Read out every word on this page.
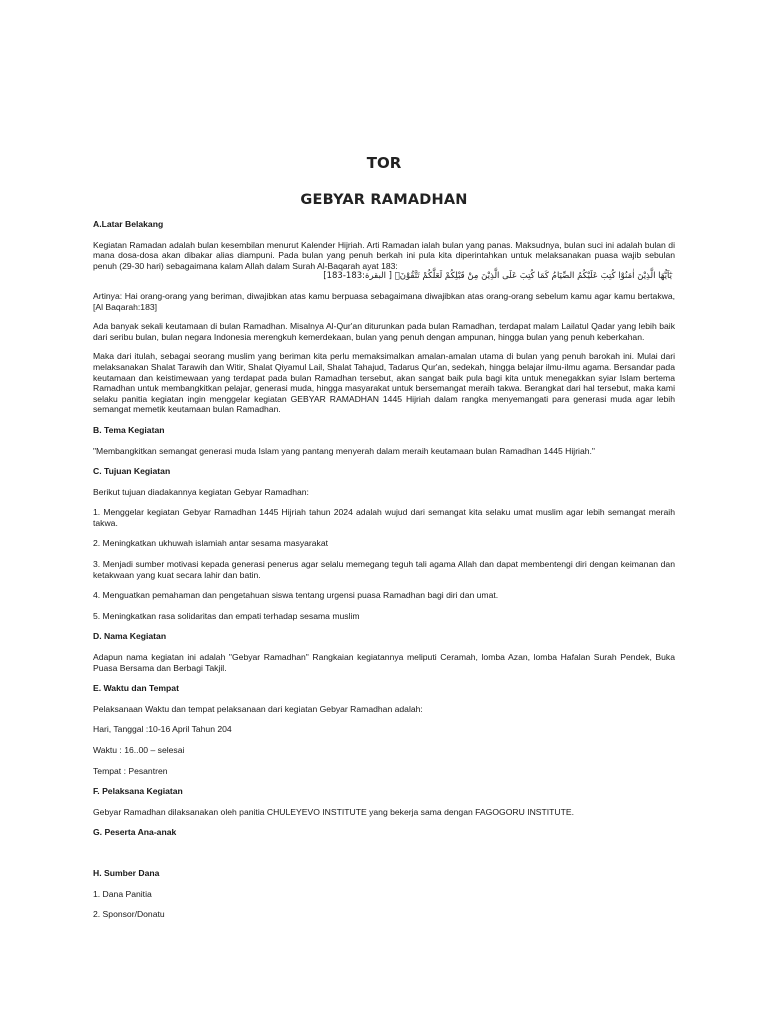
TOR
GEBYAR RAMADHAN

A.Latar Belakang

Kegiatan Ramadan adalah bulan kesembilan menurut Kalender Hijriah. Arti Ramadan ialah bulan yang panas. Maksudnya, bulan suci ini adalah bulan di mana dosa-dosa akan dibakar alias diampuni. Pada bulan yang penuh berkah ini pula kita diperintahkan untuk melaksanakan puasa wajib sebulan penuh (29-30 hari) sebagaimana kalam Allah dalam Surah Al-Baqarah ayat 183:

يٰٓاَيُّهَا الَّذِيْنَ اٰمَنُوْا كُتِبَ عَلَيْكُمُ الصِّيَامُ كَمَا كُتِبَ عَلَى الَّذِيْنَ مِنْ قَبْلِكُمْ لَعَلَّكُمْ تَتَّقُوْنَۙ [ البقرة:183-183]

Artinya: Hai orang-orang yang beriman, diwajibkan atas kamu berpuasa sebagaimana diwajibkan atas orang-orang sebelum kamu agar kamu bertakwa, [Al Baqarah:183]

Ada banyak sekali keutamaan di bulan Ramadhan. Misalnya Al-Qur'an diturunkan pada bulan Ramadhan, terdapat malam Lailatul Qadar yang lebih baik dari seribu bulan, bulan negara Indonesia merengkuh kemerdekaan, bulan yang penuh dengan ampunan, hingga bulan yang penuh keberkahan.

Maka dari itulah, sebagai seorang muslim yang beriman kita perlu memaksimalkan amalan-amalan utama di bulan yang penuh barokah ini. Mulai dari melaksanakan Shalat Tarawih dan Witir, Shalat Qiyamul Lail, Shalat Tahajud, Tadarus Qur'an, sedekah, hingga belajar ilmu-ilmu agama. Bersandar pada keutamaan dan keistimewaan yang terdapat pada bulan Ramadhan tersebut, akan sangat baik pula bagi kita untuk menegakkan syiar Islam bertema Ramadhan untuk membangkitkan pelajar, generasi muda, hingga masyarakat untuk bersemangat meraih takwa. Berangkat dari hal tersebut, maka kami selaku panitia kegiatan ingin menggelar kegiatan GEBYAR RAMADHAN 1445 Hijriah dalam rangka menyemangati para generasi muda agar lebih semangat memetik keutamaan bulan Ramadhan.

B. Tema Kegiatan

"Membangkitkan semangat generasi muda Islam yang pantang menyerah dalam meraih keutamaan bulan Ramadhan 1445 Hijriah."

C. Tujuan Kegiatan

Berikut tujuan diadakannya kegiatan Gebyar Ramadhan:

1. Menggelar kegiatan Gebyar Ramadhan 1445 Hijriah tahun 2024 adalah wujud dari semangat kita selaku umat muslim agar lebih semangat meraih takwa.

2. Meningkatkan ukhuwah islamiah antar sesama masyarakat

3. Menjadi sumber motivasi kepada generasi penerus agar selalu memegang teguh tali agama Allah dan dapat membentengi diri dengan keimanan dan ketakwaan yang kuat secara lahir dan batin.

4. Menguatkan pemahaman dan pengetahuan siswa tentang urgensi puasa Ramadhan bagi diri dan umat.

5. Meningkatkan rasa solidaritas dan empati terhadap sesama muslim

D. Nama Kegiatan

Adapun nama kegiatan ini adalah "Gebyar Ramadhan" Rangkaian kegiatannya meliputi Ceramah, lomba Azan, lomba Hafalan Surah Pendek, Buka Puasa Bersama dan Berbagi Takjil.

E. Waktu dan Tempat

Pelaksanaan Waktu dan tempat pelaksanaan dari kegiatan Gebyar Ramadhan adalah:

Hari, Tanggal :10-16 April Tahun 204

Waktu : 16..00 – selesai

Tempat : Pesantren

F. Pelaksana Kegiatan

Gebyar Ramadhan dilaksanakan oleh panitia CHULEYEVO INSTITUTE yang bekerja sama dengan FAGOGORU INSTITUTE.

G. Peserta Ana-anak

H. Sumber Dana

1. Dana Panitia

2. Sponsor/Donatu
